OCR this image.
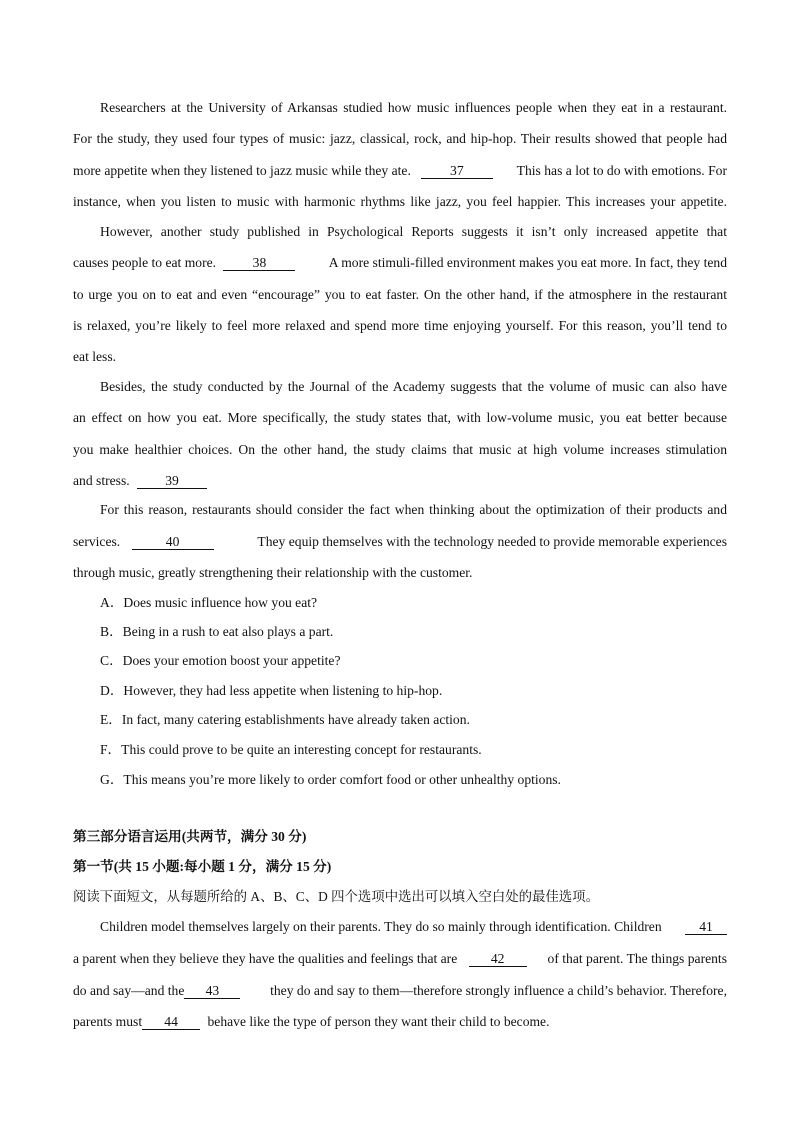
Researchers at the University of Arkansas studied how music influences people when they eat in a restaurant.
For the study, they used four types of music: jazz, classical, rock, and hip-hop. Their results showed that people had
more appetite when they listened to jazz music while they ate.	37	This has a lot to do with emotions. For
instance, when you listen to music with harmonic rhythms like jazz, you feel happier. This increases your appetite.
However, another study published in Psychological Reports suggests it isn’t only increased appetite that
causes people to eat more.	38	A more stimuli-filled environment makes you eat more. In fact, they tend
to urge you on to eat and even “encourage” you to eat faster. On the other hand, if the atmosphere in the restaurant
is relaxed, you’re likely to feel more relaxed and spend more time enjoying yourself. For this reason, you’ll tend to
eat less.
Besides, the study conducted by the Journal of the Academy suggests that the volume of music can also have
an effect on how you eat. More specifically, the study states that, with low-volume music, you eat better because
you make healthier choices. On the other hand, the study claims that music at high volume increases stimulation
and stress.	39
For this reason, restaurants should consider the fact when thinking about the optimization of their products and
services.	40	They equip themselves with the technology needed to provide memorable experiences
through music, greatly strengthening their relationship with the customer.
A．Does music influence how you eat?
B．Being in a rush to eat also plays a part.
C．Does your emotion boost your appetite?
D．However, they had less appetite when listening to hip-hop.
E．In fact, many catering establishments have already taken action.
F．This could prove to be quite an interesting concept for restaurants.
G．This means you’re more likely to order comfort food or other unhealthy options.
第三部分语言运用(共两节，满分 30 分)
第一节(共 15 小题:每小题 1 分，满分 15 分)
阅读下面短文，从每题所给的 A、B、C、D 四个选项中选出可以填入空白处的最佳选项。
Children model themselves largely on their parents. They do so mainly through identification. Children	41
a parent when they believe they have the qualities and feelings that are 42	of that parent. The things parents
do and say—and the 43	they do and say to them—therefore strongly influence a child’s behavior. Therefore,
parents must 44 behave like the type of person they want their child to become.
